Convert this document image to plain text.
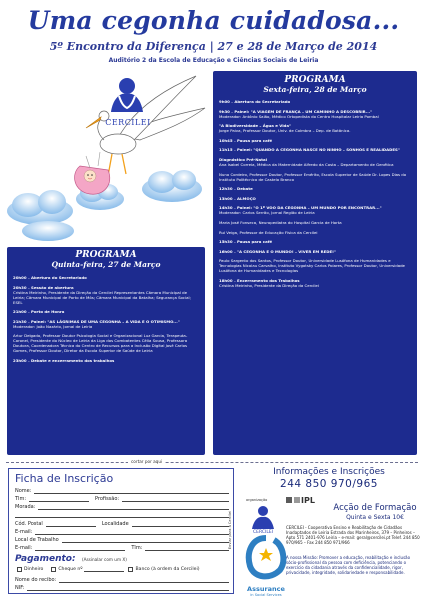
Uma cegonha cuidadosa...
5º Encontro da Diferença | 27 e 28 de Março de 2014
Auditório 2 da Escola de Educação e Ciências Sociais de Leiria
CERCILEI
PROGRAMA
Quinta-feira, 27 de Março

20h00 – Abertura do Secretariado

20h30 – Sessão de abertura

Cristina Meirinho, Presidente da Direção da Cercilei Representantes Câmara Municipal de Leiria; Câmara Municipal de Porto de Mós; Câmara Municipal da Batalha; Segurança Social; ESEL

21h00 – Porto de Honra

21h30 – Painel: "AS LÁGRIMAS DE UMA CEGONHA – A VIDA E O OTIMISMO..."

Moderador: João Nazário, Jornal de Leiria

Artur Delgado, Professor Doutor Psicologia Social e Organizacional Luz Garcia, Terapeuta-Coronel, Presidente do Núcleo de Leiria da Liga dos Combatentes Célia Sousa, Professora Doutora, Coordenadora Técnica do Centro de Recursos para a Inclusão Digital José Carlos Gomes, Professor Doutor, Diretor da Escola Superior de Saúde de Leiria

23h00 – Debate e encerramento dos trabalhos

PROGRAMA
Sexta-feira, 28 de Março

9h00 – Abertura do Secretariado

9h30 – Painel: "A VIAGEM DE FRANÇA – UM CAMINHO A DESCOBRIR..."

Moderador: António Saião, Médico Ortopedista do Centro Hospitalar Leiria Pombal

"A Biodiversidade – Água e Vida"

Jorge Paiva, Professor Doutor, Univ. de Coimbra – Dep. de Botânica.

10h45 – Pausa para café

11h15 – Painel: "QUANDO A CEGONHA NASCE NO NINHO – SONHOS E REALIDADES"

Diagnóstico Pré-Natal

Ana Isabel Correia, Médica da Maternidade Alfredo da Costa – Departamento de Genética

Nuno Cordeiro, Professor Doutor, Professor Emérito, Escola Superior de Saúde Dr. Lopes Dias do Instituto Politécnico de Castelo Branco

12h30 – Debate

13h00 – ALMOÇO

14h30 – Painel: "O 1º VOO DA CEGONHA – UM MUNDO POR ENCONTRAR..."

Moderador: Carlos Serrão, Jornal Região de Leiria

Maria José Fonseca, Neuropediatra do Hospital Garcia de Horta

Rui Veiga, Professor de Educação Física da Cercilei

15h30 – Pausa para café

16h00 – "A CEGONHA E O MUNDO! – VIVER EM REDE!"

Paulo Sargento dos Santos, Professor Doutor, Universidade Lusófona de Humanidades e Tecnologias Nicolau Carvalho, Instituto Vygotsky Carlos Poiares, Professor Doutor, Universidade Lusófona de Humanidades e Tecnologias

18h00 – Encerramento dos Trabalhos

Cristina Meirinho, Presidente da Direção da Cercilei

cortar por aqui
Ficha de Inscrição
Nome:
Tlm:	Profissão:
Morada:
Cód. Postal	Localidade
E-mail:
Local de Trabalho
E-mail:	Tlm:
Pagamento: (Assinalar com um X)
Dinheiro	Cheque nº	Banco (à ordem da Cercilei)
Nome do recibo:
NIF:
Enviar para a Cercilei
Informações e Inscrições
244 850 970/965
organização
CERCILEI
IPL
Acção de Formação
Quinta e Sexta 10€
CERCILEI - Cooperativa Ensino e Reabilitação de Cidadãos Inadaptados de Leiria Estrada dos Marinheiros, 379 – Pinheiros – Apto 571 2401-976 Leiria – e-mail: geral@cercilei.pt Telef. 244 850 970/965 – Fax 244 850 971/966
Assurance
in Social Services
A nossa Missão: Promover a educação, reabilitação e inclusão sócio-profissional da pessoa com deficiência, potenciando o exercício da cidadania através da confidencialidade, rigor, privacidade, integridade, solidariedade e responsabilidade.
